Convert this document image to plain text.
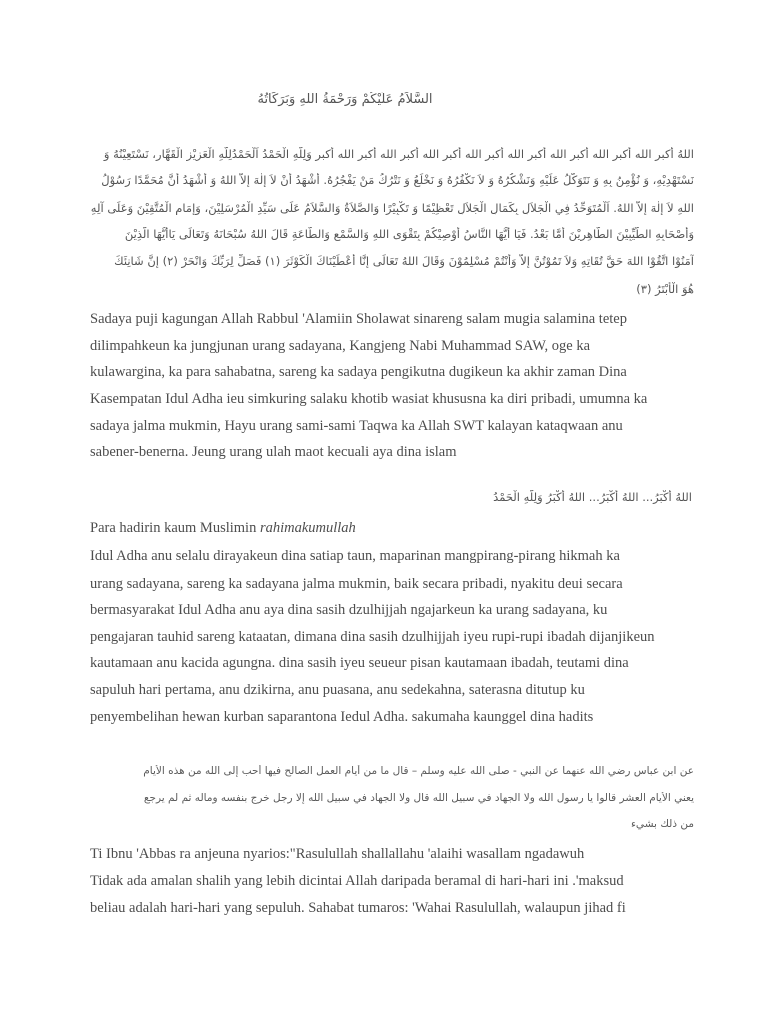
السَّلاَمُ عَلَيْكُمْ وَرَحْمَةُ اللهِ وَبَرَكَاتُهُ
اللهُ أكبر الله أكبر الله أكبر الله أكبر الله أكبر الله أكبر الله أكبر الله أكبر الله أكبر وَلِلَّهِ الْحَمْدُ اَلْحَمْدُلِلَّهِ الْعَزِيْزِ الْقَهَّارِ، نَسْتَعِيْنُهُ وَ
نَسْتَهْدِيْهِ، وَ نُؤْمِنُ بِهِ وَ نَتَوَكَّلُ عَلَيْهِ وَنَشْكُرُهُ وَ لاَ نَكْفُرُهُ وَ نَخْلَعُ وَ نَتْرُكُ مَنْ يَفْجُرُهُ. أَشْهَدُ أَنْ لاَ إِلٰهَ إِلاَّ اللهُ وَ أَشْهَدُ أَنَّ مُحَمَّدًا رَسُوْلُ
اللهِ لاَ إِلٰهَ إِلاَّ اللهُ. اَلْمُتَوَحِّدُ فِي الْجَلاَلِ بِكَمَالِ الْجَلاَلِ تَعْظِيْمًا وَ تَكْبِيْرًا وَالصَّلاَةُ وَالسَّلاَمُ عَلَى سَيِّدِ الْمُرْسَلِيْنَ، وَإِمَامِ الْمُتَّقِيْنَ وَعَلَى آلِهِ
وَأَصْحَابِهِ الطَّيِّبِيْنَ الطَّاهِرِيْنَ أَمَّا بَعْدُ. فَيَا أَيُّهَا النَّاسُ أُوْصِيْكُمْ بِتَقْوَى اللهِ وَالسَّمْعِ وَالطَّاعَةِ قَالَ اللهُ سُبْحَانَهُ وَتَعَالَى يَاأَيُّهَا الَّذِيْنَ
آمَنُوْا اتَّقُوْا اللهَ حَقَّ تُقَاتِهِ وَلاَ تَمُوْتُنَّ إِلاَّ وَأَنْتُمْ مُسْلِمُوْنَ وَقَالَ اللهُ تَعَالَى إِنَّا أَعْطَيْنَاكَ الْكَوْثَرَ (١) فَصَلِّ لِرَبِّكَ وَانْحَرْ (٢) إِنَّ شَانِئَكَ
هُوَ الْأَبْتَرُ (٣)
Sadaya puji kagungan Allah Rabbul 'Alamiin Sholawat sinareng salam mugia salamina tetep
dilimpahkeun ka jungjunan urang sadayana, Kangjeng Nabi Muhammad SAW, oge ka
kulawargina, ka para sahabatna, sareng ka sadaya pengikutna dugikeun ka akhir zaman Dina
Kasempatan Idul Adha ieu simkuring salaku khotib wasiat khususna ka diri pribadi, umumna ka
sadaya jalma mukmin, Hayu urang sami-sami Taqwa ka Allah SWT kalayan kataqwaan anu
sabener-benerna. Jeung urang ulah maot kecuali aya dina islam
اللهُ أَكْبَرُ... اللهُ أَكْبَرُ... اللهُ أَكْبَرُ وَلِلَّهِ الْحَمْدُ
Para hadirin kaum Muslimin rahimakumullah
Idul Adha anu selalu dirayakeun dina satiap taun, maparinan mangpirang-pirang hikmah ka
urang sadayana, sareng ka sadayana jalma mukmin, baik secara pribadi, nyakitu deui secara
bermasyarakat Idul Adha anu aya dina sasih dzulhijjah ngajarkeun ka urang sadayana, ku
pengajaran tauhid sareng kataatan, dimana dina sasih dzulhijjah iyeu rupi-rupi ibadah dijanjikeun
kautamaan anu kacida agungna. dina sasih iyeu seueur pisan kautamaan ibadah, teutami dina
sapuluh hari pertama, anu dzikirna, anu puasana, anu sedekahna, saterasna ditutup ku
penyembelihan hewan kurban saparantona Iedul Adha. sakumaha kaunggel dina hadits
عن ابن عباس رضي الله عنهما عن النبي - صلى الله عليه وسلم – قال ما من أيام العمل الصالح فيها أحب إلى الله من هذه الأيام
يعني الأيام العشر قالوا يا رسول الله ولا الجهاد في سبيل الله قال ولا الجهاد في سبيل الله إلا رجل خرج بنفسه وماله ثم لم يرجع
من ذلك بشيء
Ti Ibnu 'Abbas ra anjeuna nyarios:"Rasulullah shallallahu 'alaihi wasallam ngadawuh
Tidak ada amalan shalih yang lebih dicintai Allah daripada beramal di hari-hari ini .'maksud
beliau adalah hari-hari yang sepuluh. Sahabat tumaros: 'Wahai Rasulullah, walaupun jihad fi
